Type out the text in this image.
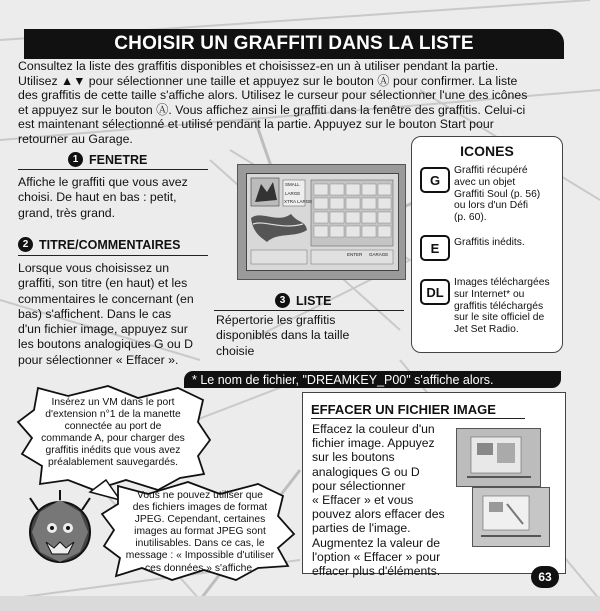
CHOISIR UN GRAFFITI DANS LA LISTE
Consultez la liste des graffitis disponibles et choisissez-en un à utiliser pendant la partie.
Utilisez ▲▼ pour sélectionner une taille et appuyez sur le bouton Ⓐ pour confirmer. La liste
des graffitis de cette taille s'affiche alors. Utilisez le curseur pour sélectionner l'une des icônes
et appuyez sur le bouton Ⓐ. Vous affichez ainsi le graffiti dans la fenêtre des graffitis. Celui-ci
est maintenant sélectionné et utilisé pendant la partie. Appuyez sur le bouton Start pour
retourner au Garage.
1 FENETRE
Affiche le graffiti que vous avez
choisi. De haut en bas : petit,
grand, très grand.
2 TITRE/COMMENTAIRES
Lorsque vous choisissez un
graffiti, son titre (en haut) et les
commentaires le concernant (en
bas) s'affichent. Dans le cas
d'un fichier image, appuyez sur
les boutons analogiques G ou D
pour sélectionner « Effacer ».
SMALL
LARGE
XTRA LARGE
ENTER GARAGE
3 LISTE
Répertorie les graffitis
disponibles dans la taille
choisie
ICONES
G
Graffiti récupéré
avec un objet
Graffiti Soul (p. 56)
ou lors d'un Défi
(p. 60).
E	Graffitis inédits.
DL
Images téléchargées
sur Internet* ou
graffitis téléchargés
sur le site officiel de
Jet Set Radio.
* Le nom de fichier, "DREAMKEY_P00" s'affiche alors.
Insérez un VM dans le port
d'extension n°1 de la manette
connectée au port de
commande A, pour charger des
graffitis inédits que vous avez
préalablement sauvegardés.
Vous ne pouvez utiliser que
des fichiers images de format
JPEG. Cependant, certaines
images au format JPEG sont
inutilisables. Dans ce cas, le
message : « Impossible d'utiliser
ces données » s'affiche.
EFFACER UN FICHIER IMAGE
Effacez la couleur d'un
fichier image. Appuyez
sur les boutons
analogiques G ou D
pour sélectionner
« Effacer » et vous
pouvez alors effacer des
parties de l'image.
Augmentez la valeur de
l'option « Effacer » pour
effacer plus d'éléments.	63
